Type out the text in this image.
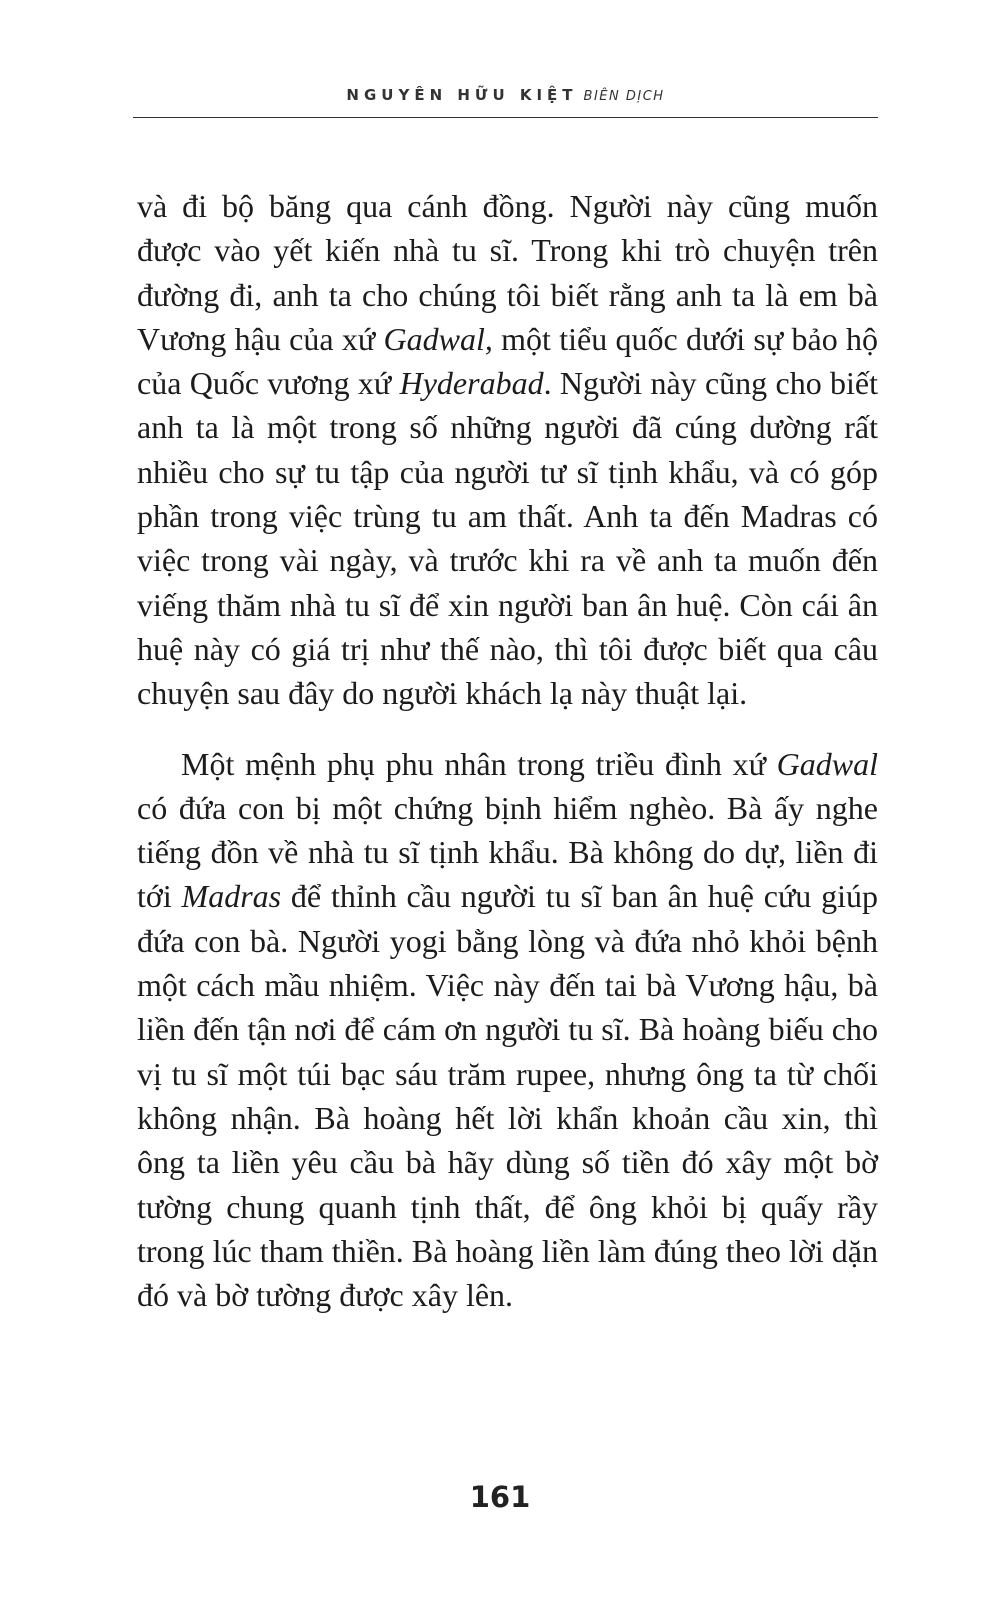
NGUYÊN HỮU KIỆT BIÊN DỊCH

và đi bộ băng qua cánh đồng. Người này cũng muốn được vào yết kiến nhà tu sĩ. Trong khi trò chuyện trên đường đi, anh ta cho chúng tôi biết rằng anh ta là em bà Vương hậu của xứ Gadwal, một tiểu quốc dưới sự bảo hộ của Quốc vương xứ Hyderabad. Người này cũng cho biết anh ta là một trong số những người đã cúng dường rất nhiều cho sự tu tập của người tư sĩ tịnh khẩu, và có góp phần trong việc trùng tu am thất. Anh ta đến Madras có việc trong vài ngày, và trước khi ra về anh ta muốn đến viếng thăm nhà tu sĩ để xin người ban ân huệ. Còn cái ân huệ này có giá trị như thế nào, thì tôi được biết qua câu chuyện sau đây do người khách lạ này thuật lại.

Một mệnh phụ phu nhân trong triều đình xứ Gadwal có đứa con bị một chứng bịnh hiểm nghèo. Bà ấy nghe tiếng đồn về nhà tu sĩ tịnh khẩu. Bà không do dự, liền đi tới Madras để thỉnh cầu người tu sĩ ban ân huệ cứu giúp đứa con bà. Người yogi bằng lòng và đứa nhỏ khỏi bệnh một cách mầu nhiệm. Việc này đến tai bà Vương hậu, bà liền đến tận nơi để cám ơn người tu sĩ. Bà hoàng biếu cho vị tu sĩ một túi bạc sáu trăm rupee, nhưng ông ta từ chối không nhận. Bà hoàng hết lời khẩn khoản cầu xin, thì ông ta liền yêu cầu bà hãy dùng số tiền đó xây một bờ tường chung quanh tịnh thất, để ông khỏi bị quấy rầy trong lúc tham thiền. Bà hoàng liền làm đúng theo lời dặn đó và bờ tường được xây lên.

161
